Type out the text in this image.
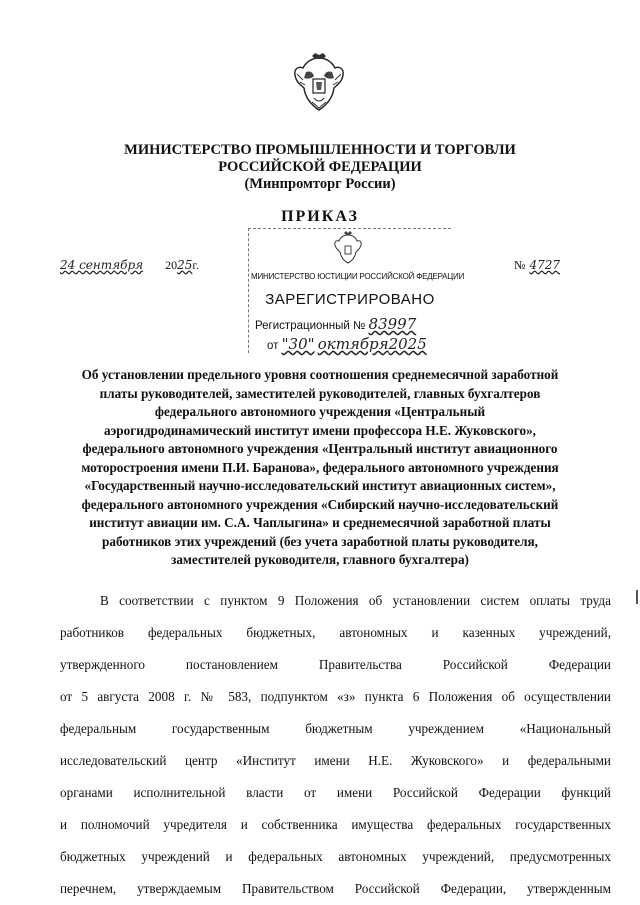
МИНИСТЕРСТВО ПРОМЫШЛЕННОСТИ И ТОРГОВЛИ
РОССИЙСКОЙ ФЕДЕРАЦИИ
(Минпромторг России)
ПРИКАЗ
24 сентября 2025г.	№ 4727
МИНИСТЕРСТВО ЮСТИЦИИ РОССИЙСКОЙ ФЕДЕРАЦИИ
ЗАРЕГИСТРИРОВАНО
Регистрационный № 83997
от "30" октября2025
Об установлении предельного уровня соотношения среднемесячной заработной
платы руководителей, заместителей руководителей, главных бухгалтеров
федерального автономного учреждения «Центральный
аэрогидродинамический институт имени профессора Н.Е. Жуковского»,
федерального автономного учреждения «Центральный институт авиационного
моторостроения имени П.И. Баранова», федерального автономного учреждения
«Государственный научно-исследовательский институт авиационных систем»,
федерального автономного учреждения «Сибирский научно-исследовательский
институт авиации им. С.А. Чаплыгина» и среднемесячной заработной платы
работников этих учреждений (без учета заработной платы руководителя,
заместителей руководителя, главного бухгалтера)
В соответствии с пунктом 9 Положения об установлении систем оплаты труда
работников федеральных бюджетных, автономных и казенных учреждений,
утвержденного постановлением Правительства Российской Федерации
от 5 августа 2008 г. № 583, подпунктом «з» пункта 6 Положения об осуществлении
федеральным государственным бюджетным учреждением «Национальный
исследовательский центр «Институт имени Н.Е. Жуковского» и федеральными
органами исполнительной власти от имени Российской Федерации функций
и полномочий учредителя и собственника имущества федеральных государственных
бюджетных учреждений и федеральных автономных учреждений, предусмотренных
перечнем, утверждаемым Правительством Российской Федерации, утвержденным
